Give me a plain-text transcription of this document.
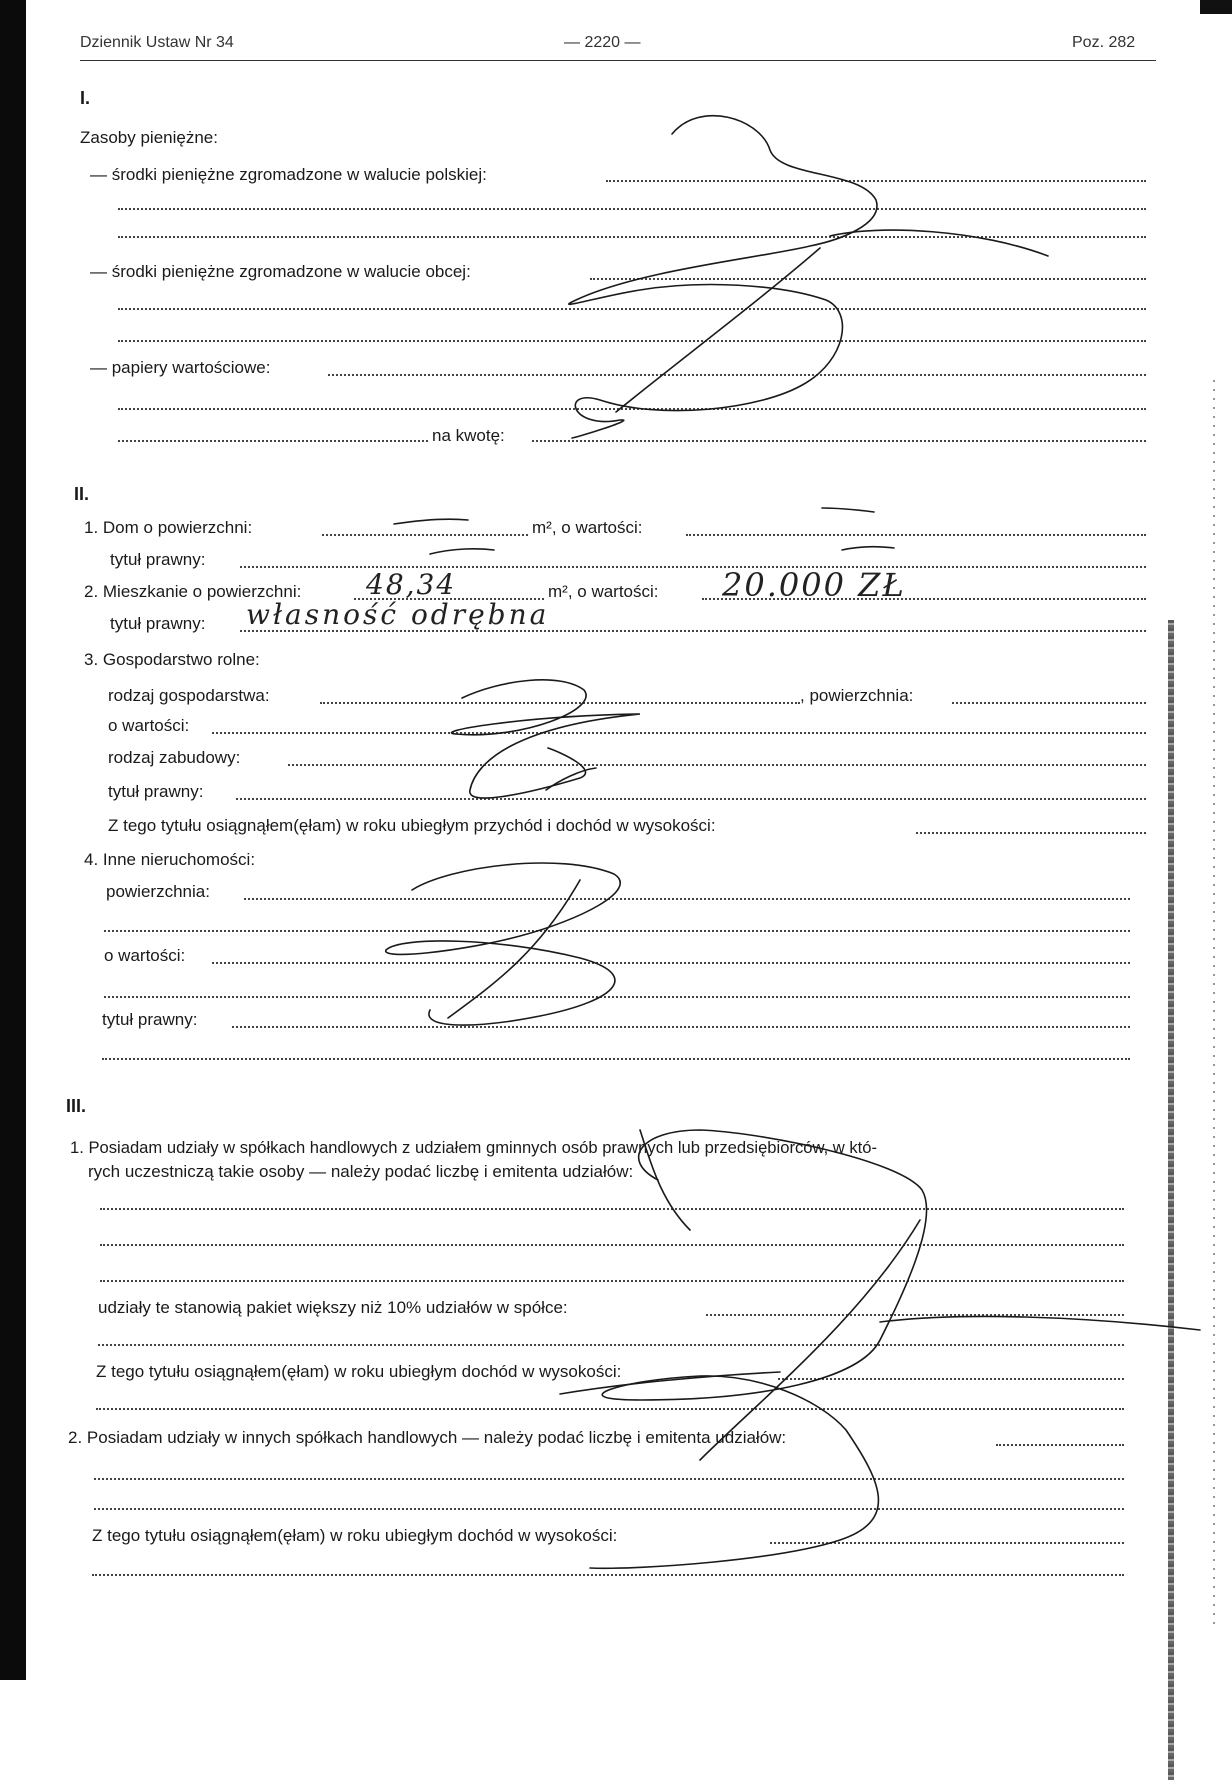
Dziennik Ustaw Nr 34	— 2220 —	Poz. 282
I.
Zasoby pieniężne:
— środki pieniężne zgromadzone w walucie polskiej:
— środki pieniężne zgromadzone w walucie obcej:
— papiery wartościowe:
na kwotę:
II.
1. Dom o powierzchni:	m², o wartości:
tytuł prawny:
2. Mieszkanie o powierzchni: 48,34	m², o wartości: 20.000 ZŁ
tytuł prawny: własność odrębna
3. Gospodarstwo rolne:
rodzaj gospodarstwa:	, powierzchnia:
o wartości:
rodzaj zabudowy:
tytuł prawny:
Z tego tytułu osiągnąłem(ęłam) w roku ubiegłym przychód i dochód w wysokości:
4. Inne nieruchomości:
powierzchnia:
o wartości:
tytuł prawny:
III.
1. Posiadam udziały w spółkach handlowych z udziałem gminnych osób prawnych lub przedsiębiorców, w któ-
rych uczestniczą takie osoby — należy podać liczbę i emitenta udziałów:
udziały te stanowią pakiet większy niż 10% udziałów w spółce:
Z tego tytułu osiągnąłem(ęłam) w roku ubiegłym dochód w wysokości:
2. Posiadam udziały w innych spółkach handlowych — należy podać liczbę i emitenta udziałów:
Z tego tytułu osiągnąłem(ęłam) w roku ubiegłym dochód w wysokości:
